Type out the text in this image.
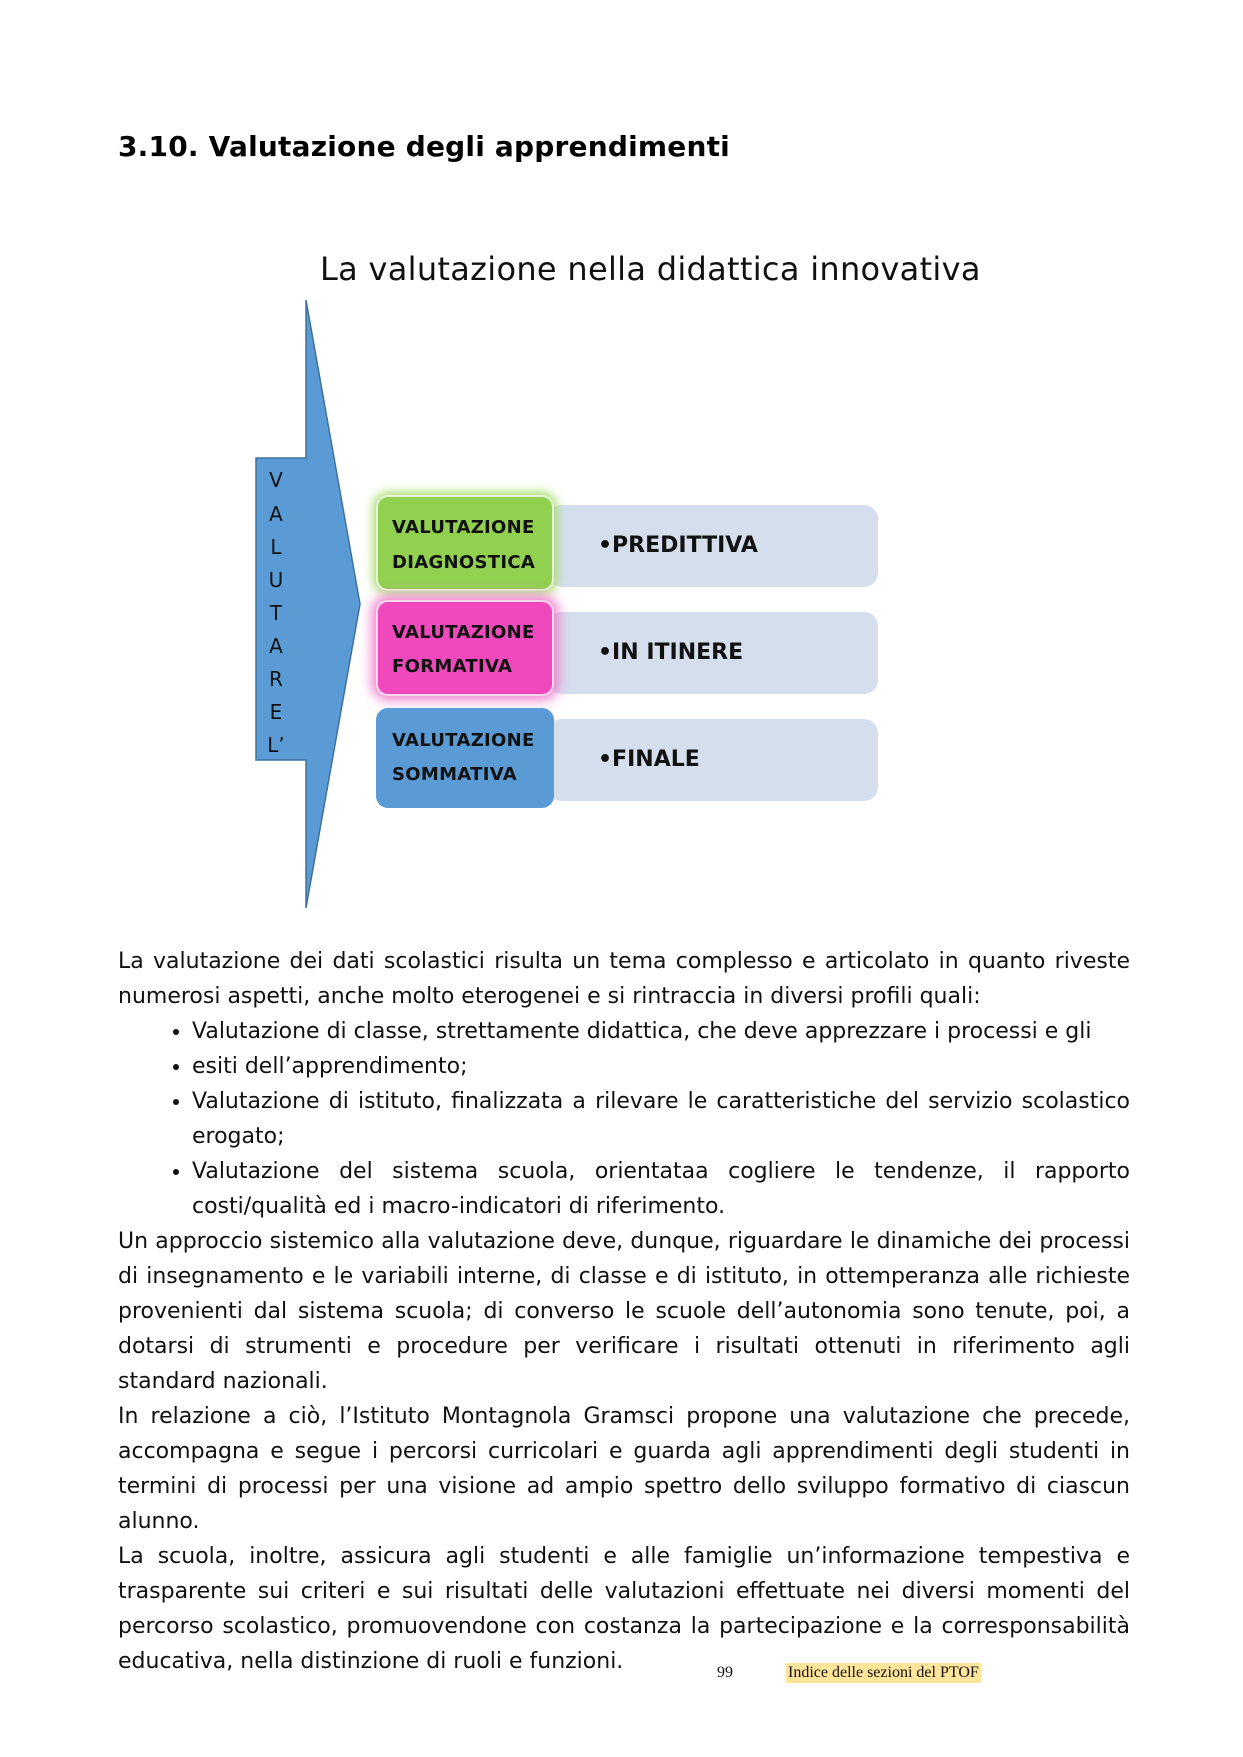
3.10. Valutazione degli apprendimenti
La valutazione nella didattica innovativa
V
A
L
U
T
A
R
E
L’
•PREDITTIVA
•IN ITINERE
•FINALE
VALUTAZIONE
DIAGNOSTICA
VALUTAZIONE
FORMATIVA
VALUTAZIONE
SOMMATIVA

La valutazione dei dati scolastici risulta un tema complesso e articolato in quanto riveste numerosi aspetti, anche molto eterogenei e si rintraccia in diversi profili quali:

• Valutazione di classe, strettamente didattica, che deve apprezzare i processi e gli
• esiti dell’apprendimento;
• Valutazione di istituto, finalizzata a rilevare le caratteristiche del servizio scolastico erogato;
• Valutazione del sistema scuola, orientataa cogliere le tendenze, il rapporto costi/qualità ed i macro-indicatori di riferimento.

Un approccio sistemico alla valutazione deve, dunque, riguardare le dinamiche dei processi di insegnamento e le variabili interne, di classe e di istituto, in ottemperanza alle richieste provenienti dal sistema scuola; di converso le scuole dell’autonomia sono tenute, poi, a dotarsi di strumenti e procedure per verificare i risultati ottenuti in riferimento agli standard nazionali.

In relazione a ciò, l’Istituto Montagnola Gramsci propone una valutazione che precede, accompagna e segue i percorsi curricolari e guarda agli apprendimenti degli studenti in termini di processi per una visione ad ampio spettro dello sviluppo formativo di ciascun alunno.

La scuola, inoltre, assicura agli studenti e alle famiglie un’informazione tempestiva e trasparente sui criteri e sui risultati delle valutazioni effettuate nei diversi momenti del percorso scolastico, promuovendone con costanza la partecipazione e la corresponsabilità educativa, nella distinzione di ruoli e funzioni.	99	Indice delle sezioni del PTOF
